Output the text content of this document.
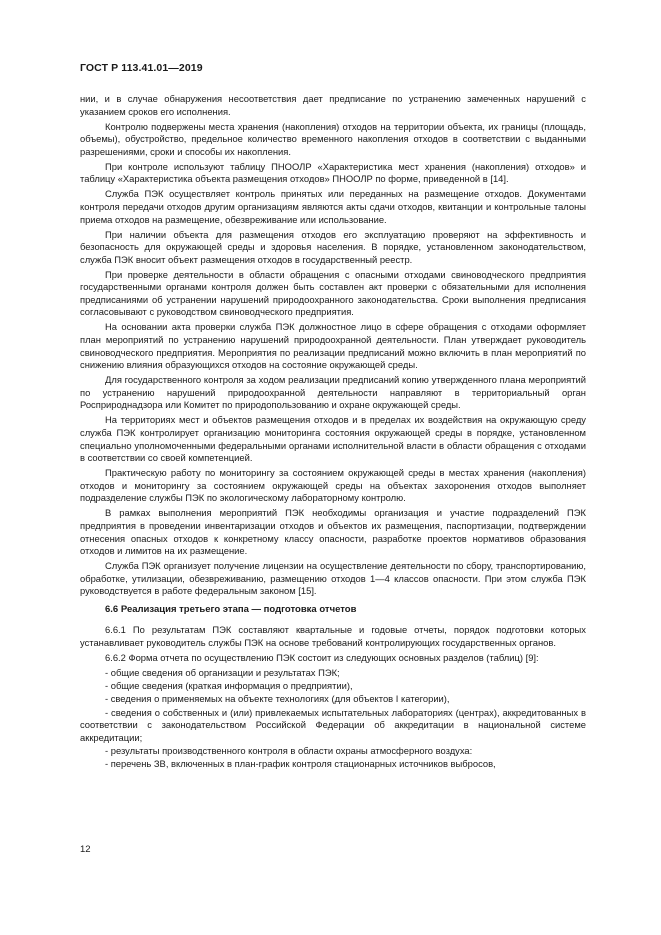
ГОСТ Р 113.41.01—2019

нии, и в случае обнаружения несоответствия дает предписание по устранению замеченных нарушений с указанием сроков его исполнения.

Контролю подвержены места хранения (накопления) отходов на территории объекта, их границы (площадь, объемы), обустройство, предельное количество временного накопления отходов в соответствии с выданными разрешениями, сроки и способы их накопления.

При контроле используют таблицу ПНООЛР «Характеристика мест хранения (накопления) отходов» и таблицу «Характеристика объекта размещения отходов» ПНООЛР по форме, приведенной в [14].

Служба ПЭК осуществляет контроль принятых или переданных на размещение отходов. Документами контроля передачи отходов другим организациям являются акты сдачи отходов, квитанции и контрольные талоны приема отходов на размещение, обезвреживание или использование.

При наличии объекта для размещения отходов его эксплуатацию проверяют на эффективность и безопасность для окружающей среды и здоровья населения. В порядке, установленном законодательством, служба ПЭК вносит объект размещения отходов в государственный реестр.

При проверке деятельности в области обращения с опасными отходами свиноводческого предприятия государственными органами контроля должен быть составлен акт проверки с обязательными для исполнения предписаниями об устранении нарушений природоохранного законодательства. Сроки выполнения предписания согласовывают с руководством свиноводческого предприятия.

На основании акта проверки служба ПЭК должностное лицо в сфере обращения с отходами оформляет план мероприятий по устранению нарушений природоохранной деятельности. План утверждает руководитель свиноводческого предприятия. Мероприятия по реализации предписаний можно включить в план мероприятий по снижению влияния образующихся отходов на состояние окружающей среды.

Для государственного контроля за ходом реализации предписаний копию утвержденного плана мероприятий по устранению нарушений природоохранной деятельности направляют в территориальный орган Росприроднадзора или Комитет по природопользованию и охране окружающей среды.

На территориях мест и объектов размещения отходов и в пределах их воздействия на окружающую среду служба ПЭК контролирует организацию мониторинга состояния окружающей среды в порядке, установленном специально уполномоченными федеральными органами исполнительной власти в области обращения с отходами в соответствии со своей компетенцией.

Практическую работу по мониторингу за состоянием окружающей среды в местах хранения (накопления) отходов и мониторингу за состоянием окружающей среды на объектах захоронения отходов выполняет подразделение службы ПЭК по экологическому лабораторному контролю.

В рамках выполнения мероприятий ПЭК необходимы организация и участие подразделений ПЭК предприятия в проведении инвентаризации отходов и объектов их размещения, паспортизации, подтверждении отнесения опасных отходов к конкретному классу опасности, разработке проектов нормативов образования отходов и лимитов на их размещение.

Служба ПЭК организует получение лицензии на осуществление деятельности по сбору, транспортированию, обработке, утилизации, обезвреживанию, размещению отходов 1—4 классов опасности. При этом служба ПЭК руководствуется в работе федеральным законом [15].

6.6 Реализация третьего этапа — подготовка отчетов

6.6.1 По результатам ПЭК составляют квартальные и годовые отчеты, порядок подготовки которых устанавливает руководитель службы ПЭК на основе требований контролирующих государственных органов.

6.6.2 Форма отчета по осуществлению ПЭК состоит из следующих основных разделов (таблиц) [9]:

- общие сведения об организации и результатах ПЭК;

- общие сведения (краткая информация о предприятии),

- сведения о применяемых на объекте технологиях (для объектов I категории),

- сведения о собственных и (или) привлекаемых испытательных лабораториях (центрах), аккредитованных в соответствии с законодательством Российской Федерации об аккредитации в национальной системе аккредитации;

- результаты производственного контроля в области охраны атмосферного воздуха:

- перечень ЗВ, включенных в план-график контроля стационарных источников выбросов,

12
